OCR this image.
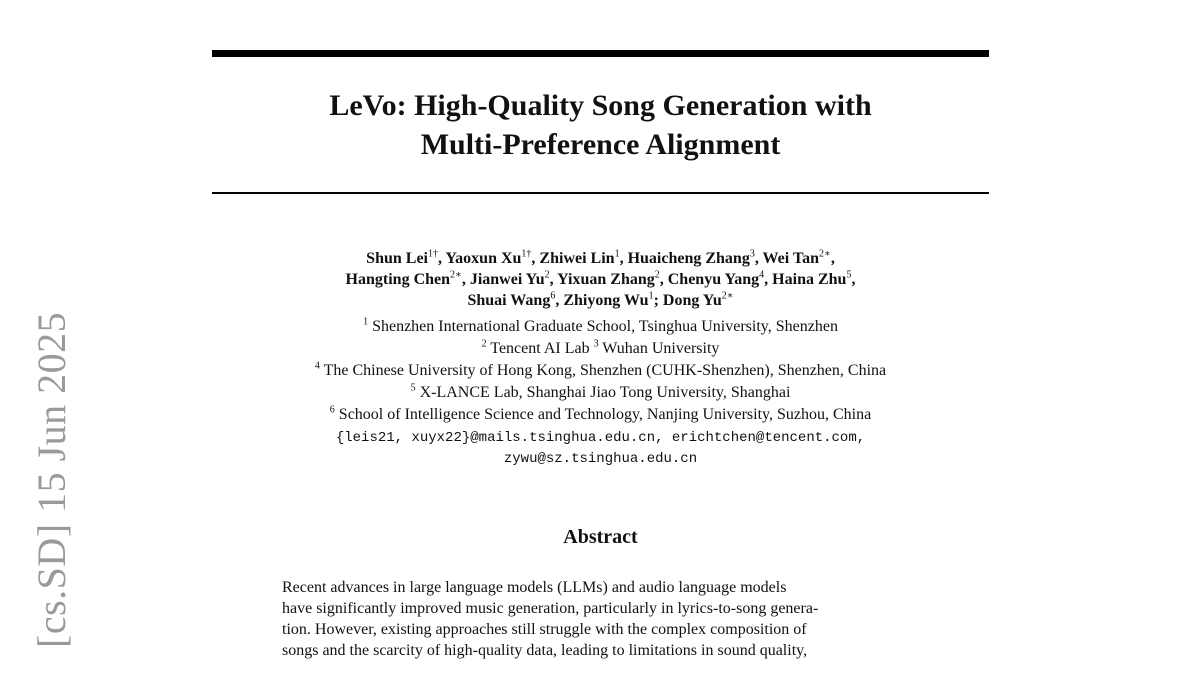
[cs.SD] 15 Jun 2025
LeVo: High-Quality Song Generation with
Multi-Preference Alignment
Shun Lei$^{1\dagger}$, Yaoxun $Xu^{1\dagger}$, Zhiwei Lin$^1$, Huaicheng Zhang$^3$, Wei Tan$^{2∗}$,
Hangting Chen$^{2∗}$, Jianwei Yu$^2$, Yixuan Zhang$^2$, Chenyu Yang$^4$, Haina Zhu$^5$,
Shuai Wang$^6$, Zhiyong Wu$^1$; Dong $Yu^{2∗}$
$^1$ Shenzhen International Graduate School, Tsinghua University, Shenzhen
$^2$ Tencent AI Lab $^3$ Wuhan University
$^4$ The Chinese University of Hong Kong, Shenzhen (CUHK-Shenzhen), Shenzhen, China
$^5$ X-LANCE Lab, Shanghai Jiao Tong University, Shanghai
$^6$ School of Intelligence Science and Technology, Nanjing University, Suzhou, China
{leis21, xuyx22}@mails.tsinghua.edu.cn, erichtchen@tencent.com,
zywu@sz.tsinghua.edu.cn
Abstract
Recent advances in large language models (LLMs) and audio language models
have significantly improved music generation, particularly in lyrics-to-song genera-
tion. However, existing approaches still struggle with the complex composition of
songs and the scarcity of high-quality data, leading to limitations in sound quality,
